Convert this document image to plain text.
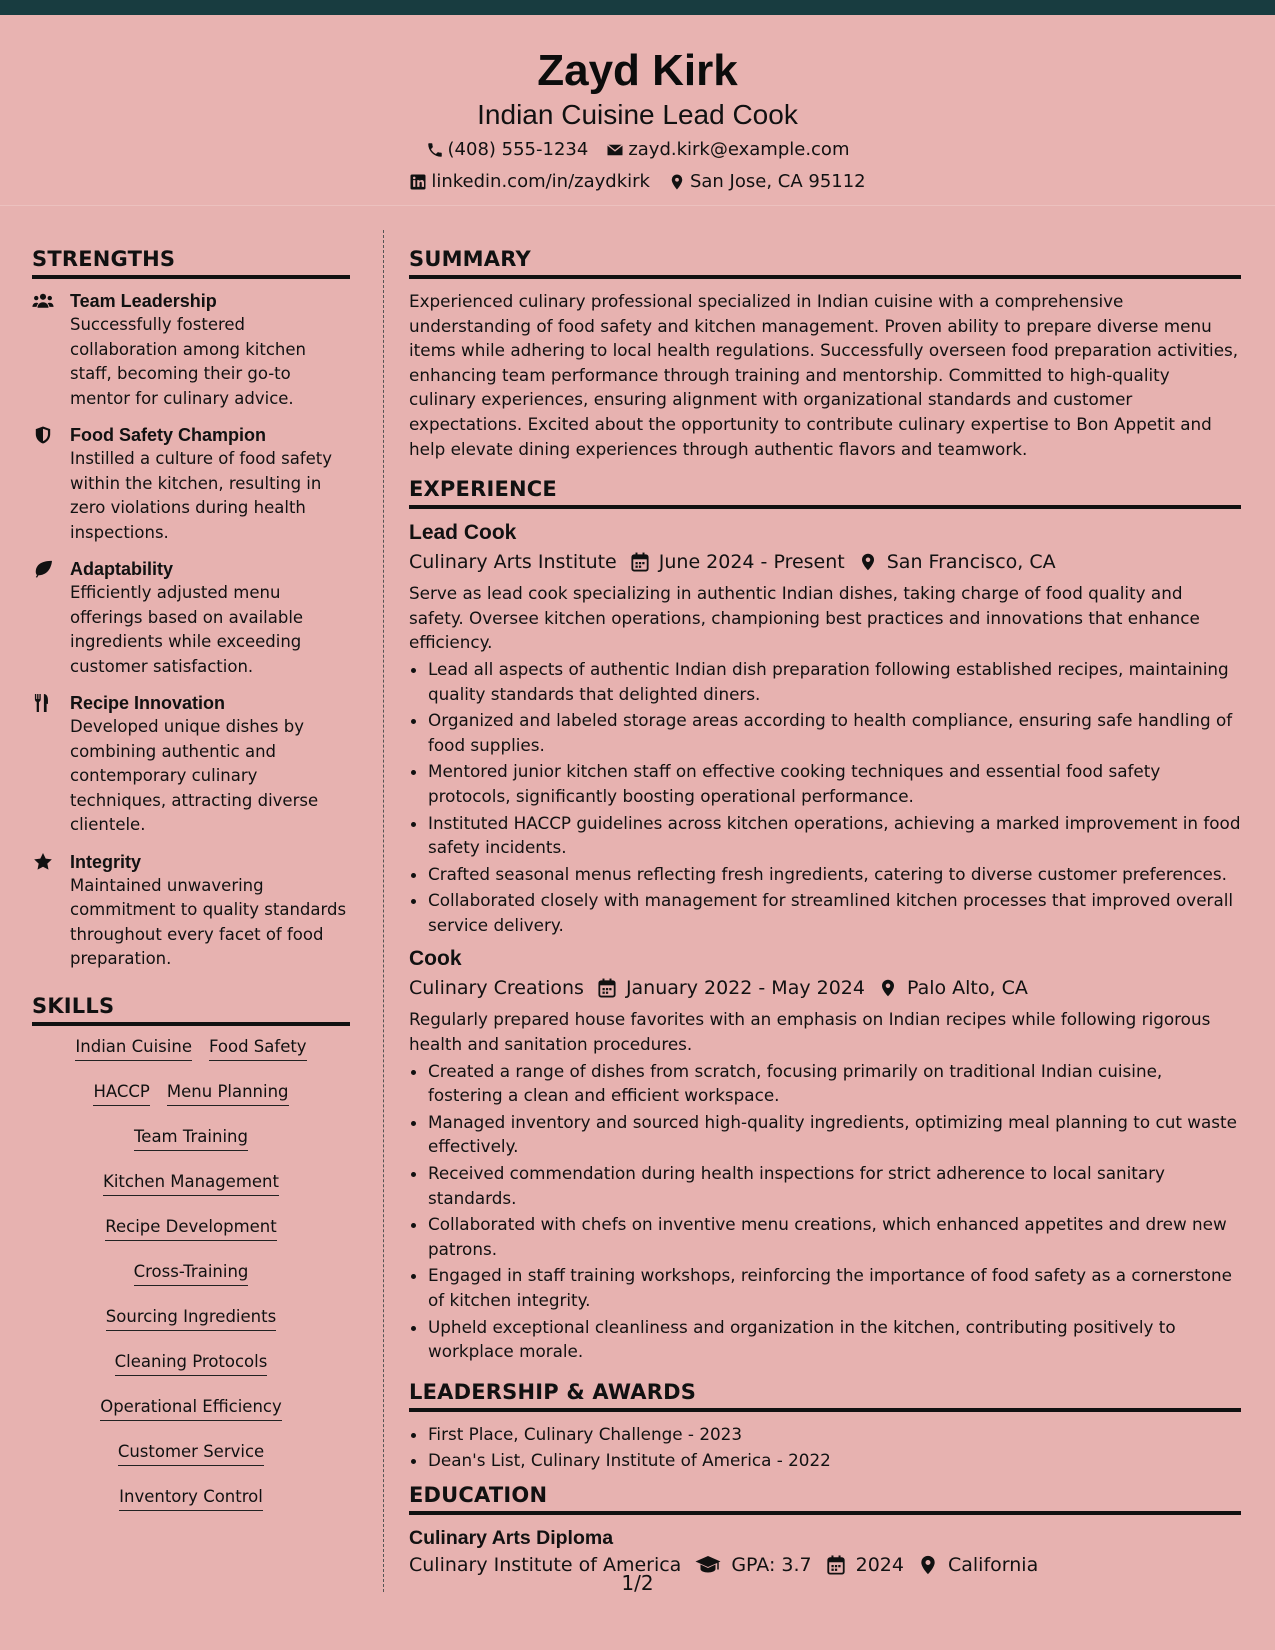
Zayd Kirk
Indian Cuisine Lead Cook
(408) 555-1234 zayd.kirk@example.com
linkedin.com/in/zaydkirk San Jose, CA 95112
STRENGTHS
Team Leadership
Successfully fostered collaboration among kitchen staff, becoming their go-to mentor for culinary advice.
Food Safety Champion
Instilled a culture of food safety within the kitchen, resulting in zero violations during health inspections.
Adaptability
Efficiently adjusted menu offerings based on available ingredients while exceeding customer satisfaction.
Recipe Innovation
Developed unique dishes by combining authentic and contemporary culinary techniques, attracting diverse clientele.
Integrity
Maintained unwavering commitment to quality standards throughout every facet of food preparation.
SKILLS
Indian Cuisine Food Safety
HACCP Menu Planning
Team Training
Kitchen Management
Recipe Development
Cross-Training
Sourcing Ingredients
Cleaning Protocols
Operational Efficiency
Customer Service
Inventory Control
SUMMARY
Experienced culinary professional specialized in Indian cuisine with a comprehensive understanding of food safety and kitchen management. Proven ability to prepare diverse menu items while adhering to local health regulations. Successfully overseen food preparation activities, enhancing team performance through training and mentorship. Committed to high-quality culinary experiences, ensuring alignment with organizational standards and customer expectations. Excited about the opportunity to contribute culinary expertise to Bon Appetit and help elevate dining experiences through authentic flavors and teamwork.
EXPERIENCE
Lead Cook
Culinary Arts Institute June 2024 - Present San Francisco, CA
Serve as lead cook specializing in authentic Indian dishes, taking charge of food quality and safety. Oversee kitchen operations, championing best practices and innovations that enhance efficiency.
• Lead all aspects of authentic Indian dish preparation following established recipes, maintaining quality standards that delighted diners.
• Organized and labeled storage areas according to health compliance, ensuring safe handling of food supplies.
• Mentored junior kitchen staff on effective cooking techniques and essential food safety protocols, significantly boosting operational performance.
• Instituted HACCP guidelines across kitchen operations, achieving a marked improvement in food safety incidents.
• Crafted seasonal menus reflecting fresh ingredients, catering to diverse customer preferences.
• Collaborated closely with management for streamlined kitchen processes that improved overall service delivery.
Cook
Culinary Creations January 2022 - May 2024 Palo Alto, CA
Regularly prepared house favorites with an emphasis on Indian recipes while following rigorous health and sanitation procedures.
• Created a range of dishes from scratch, focusing primarily on traditional Indian cuisine, fostering a clean and efficient workspace.
• Managed inventory and sourced high-quality ingredients, optimizing meal planning to cut waste effectively.
• Received commendation during health inspections for strict adherence to local sanitary standards.
• Collaborated with chefs on inventive menu creations, which enhanced appetites and drew new patrons.
• Engaged in staff training workshops, reinforcing the importance of food safety as a cornerstone of kitchen integrity.
• Upheld exceptional cleanliness and organization in the kitchen, contributing positively to workplace morale.
LEADERSHIP & AWARDS
• First Place, Culinary Challenge - 2023
• Dean's List, Culinary Institute of America - 2022
EDUCATION
Culinary Arts Diploma
Culinary Institute of America	GPA: 3.7 2024 California
1/2
